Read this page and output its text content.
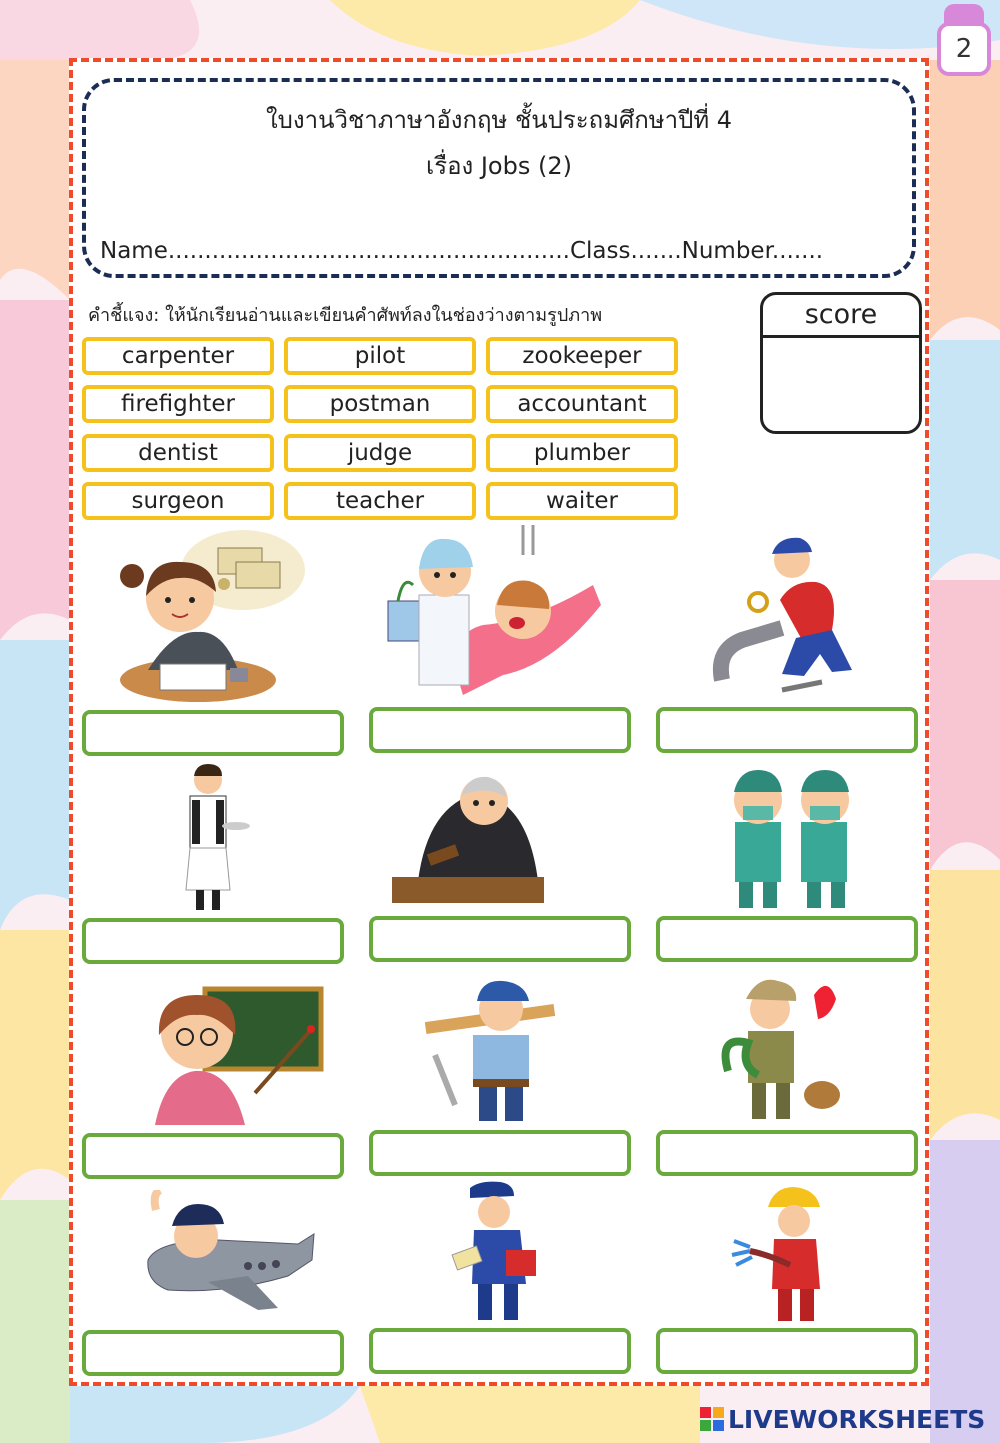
2
ใบงานวิชาภาษาอังกฤษ ชั้นประถมศึกษาปีที่ 4
เรื่อง Jobs (2)
Name.......................................................Class.......Number.......
คำชี้แจง: ให้นักเรียนอ่านและเขียนคำศัพท์ลงในช่องว่างตามรูปภาพ	score
carpenter	pilot	zookeeper
firefighter	postman	accountant
dentist	judge	plumber
surgeon	teacher	waiter
LIVEWORKSHEETS
